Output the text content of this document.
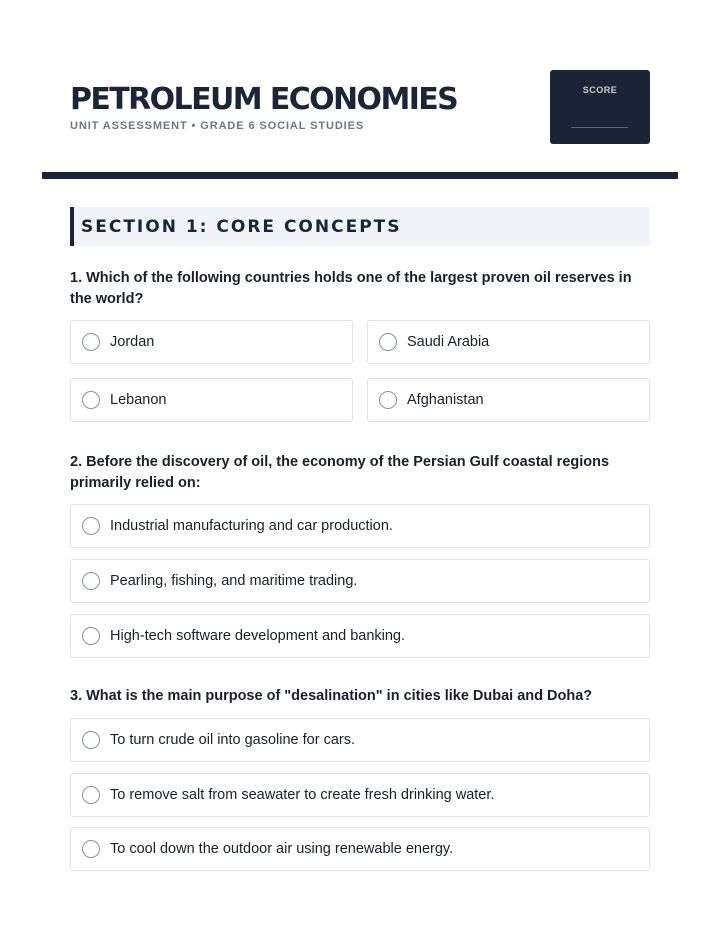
PETROLEUM ECONOMIES
UNIT ASSESSMENT • GRADE 6 SOCIAL STUDIES
SCORE
SECTION 1: CORE CONCEPTS
1. Which of the following countries holds one of the largest proven oil reserves in the world?
Jordan	Saudi Arabia
Lebanon	Afghanistan
2. Before the discovery of oil, the economy of the Persian Gulf coastal regions primarily relied on:
Industrial manufacturing and car production.
Pearling, fishing, and maritime trading.
High-tech software development and banking.
3. What is the main purpose of "desalination" in cities like Dubai and Doha?
To turn crude oil into gasoline for cars.
To remove salt from seawater to create fresh drinking water.
To cool down the outdoor air using renewable energy.
